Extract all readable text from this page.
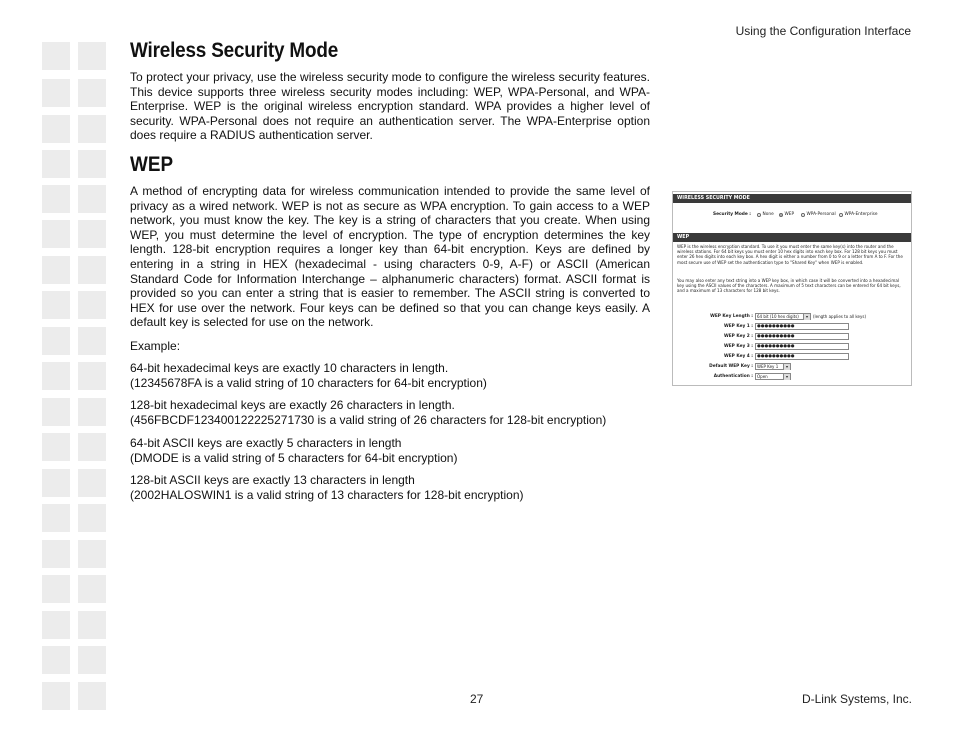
Using the Configuration Interface
Wireless Security Mode

To protect your privacy, use the wireless security mode to configure the wireless security features. This device supports three wireless security modes including: WEP, WPA-Personal, and WPA-Enterprise. WEP is the original wireless encryption standard. WPA provides a higher level of security. WPA-Personal does not require an authentication server. The WPA-Enterprise option does require a RADIUS authentication server.

WEP

A method of encrypting data for wireless communication intended to provide the same level of privacy as a wired network. WEP is not as secure as WPA encryption. To gain access to a WEP network, you must know the key. The key is a string of characters that you create. When using WEP, you must determine the level of encryption. The type of encryption determines the key length. 128-bit encryption requires a longer key than 64-bit encryption. Keys are defined by entering in a string in HEX (hexadecimal - using characters 0-9, A-F) or ASCII (American Standard Code for Information Interchange – alphanumeric characters) format. ASCII format is provided so you can enter a string that is easier to remember. The ASCII string is converted to HEX for use over the network. Four keys can be defined so that you can change keys easily. A default key is selected for use on the network.

Example:
64-bit hexadecimal keys are exactly 10 characters in length.
(12345678FA is a valid string of 10 characters for 64-bit encryption)
128-bit hexadecimal keys are exactly 26 characters in length.
(456FBCDF123400122225271730 is a valid string of 26 characters for 128-bit encryption)
64-bit ASCII keys are exactly 5 characters in length
(DMODE is a valid string of 5 characters for 64-bit encryption)
128-bit ASCII keys are exactly 13 characters in length
(2002HALOSWIN1 is a valid string of 13 characters for 128-bit encryption)
WIRELESS SECURITY MODE
Security Mode :	None	WEP	WPA-Personal WPA-Enterprise
WEP
WEP is the wireless encryption standard. To use it you must enter the same key(s) into the router and the wireless stations. For 64 bit keys you must enter 10 hex digits into each key box. For 128 bit keys you must enter 26 hex digits into each key box. A hex digit is either a number from 0 to 9 or a letter from A to F. For the most secure use of WEP set the authentication type to "Shared Key" when WEP is enabled.
You may also enter any text string into a WEP key box, in which case it will be converted into a hexadecimal key using the ASCII values of the characters. A maximum of 5 text characters can be entered for 64 bit keys, and a maximum of 13 characters for 128 bit keys.
WEP Key Length :	64 bit (10 hex digits)	▾	(length applies to all keys)
WEP Key 1 : ●●●●●●●●●●
WEP Key 2 : ●●●●●●●●●●
WEP Key 3 : ●●●●●●●●●●
WEP Key 4 : ●●●●●●●●●●
Default WEP Key :	WEP Key 1	▾
Authentication :	Open	▾
27	D-Link Systems, Inc.
